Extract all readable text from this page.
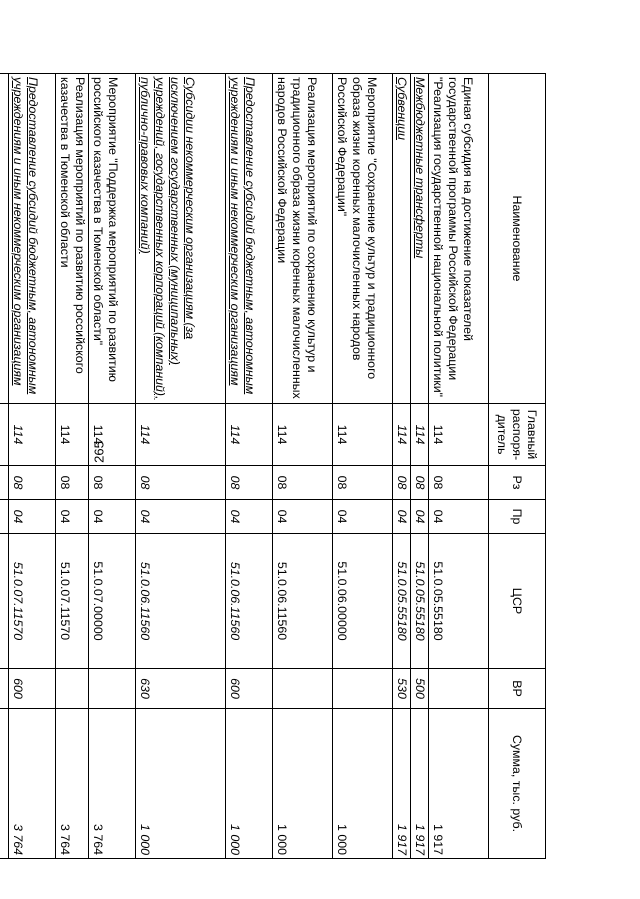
265
Наименование	Главный распоря-дитель	Рз	Пр	ЦСР	ВР	Сумма, тыс. руб.
Единая субсидия на достижение показателей государственной программы Российской Федерации "Реализация государственной национальной политики"	114	08	04	51.0.05.55180		1 917
Межбюджетные трансферты	114	08	04	51.0.05.55180	500	1 917
Субвенции	114	08	04	51.0.05.55180	530	1 917
Мероприятие "Сохранение культур и традиционного образа жизни коренных малочисленных народов Российской Федерации"	114	08	04	51.0.06.00000		1 000
Реализация мероприятий по сохранению культур и традиционного образа жизни коренных малочисленных народов Российской Федерации	114	08	04	51.0.06.11560		1 000
Предоставление субсидий бюджетным, автономным учреждениям и иным некоммерческим организациям	114	08	04	51.0.06.11560	600	1 000
Субсидии некоммерческим организациям (за исключением государственных (муниципальных) учреждений, государственных корпораций (компаний), публично-правовых компаний)	114	08	04	51.0.06.11560	630	1 000
Мероприятие "Поддержка мероприятий по развитию российского казачества в Тюменской области"	114	08	04	51.0.07.00000		3 764
Реализация мероприятий по развитию российского казачества в Тюменской области	114	08	04	51.0.07.11570		3 764
Предоставление субсидий бюджетным, автономным учреждениям и иным некоммерческим организациям	114	08	04	51.0.07.11570	600	3 764
